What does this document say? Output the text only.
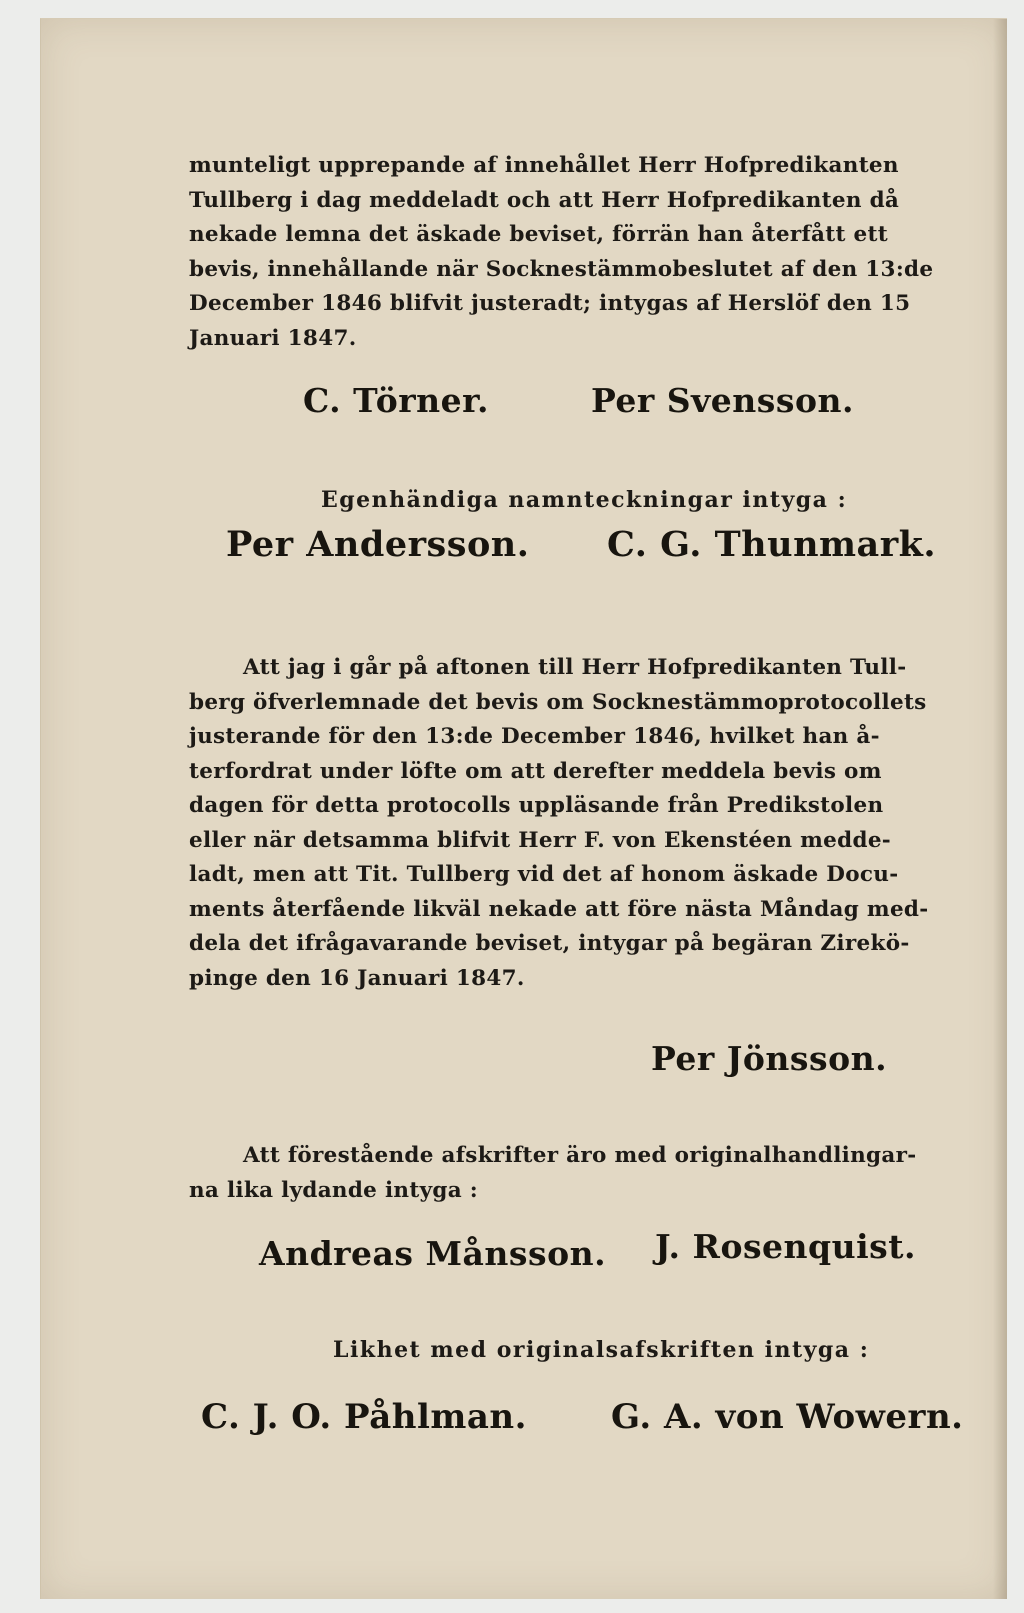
munteligt upprepande af innehållet Herr Hofpredikanten
Tullberg i dag meddeladt och att Herr Hofpredikanten då
nekade lemna det äskade beviset, förrän han återfått ett
bevis, innehållande när Socknestämmobeslutet af den 13:de
December 1846 blifvit justeradt; intygas af Herslöf den 15
Januari 1847.
C. Törner.	Per Svensson.
Egenhändiga namnteckningar intyga :
Per Andersson. C. G. Thunmark.
Att jag i går på aftonen till Herr Hofpredikanten Tull-
berg öfverlemnade det bevis om Socknestämmoprotocollets
justerande för den 13:de December 1846, hvilket han å-
terfordrat under löfte om att derefter meddela bevis om
dagen för detta protocolls uppläsande från Predikstolen
eller när detsamma blifvit Herr F. von Ekenstéen medde-
ladt, men att Tit. Tullberg vid det af honom äskade Docu-
ments återfående likväl nekade att före nästa Måndag med-
dela det ifrågavarande beviset, intygar på begäran Zirekö-
pinge den 16 Januari 1847.
Per Jönsson.
Att förestående afskrifter äro med originalhandlingar-
na lika lydande intyga :
Andreas Månsson. J. Rosenquist.
Likhet med originalsafskriften intyga :
C. J. O. Påhlman. G. A. von Wowern.
